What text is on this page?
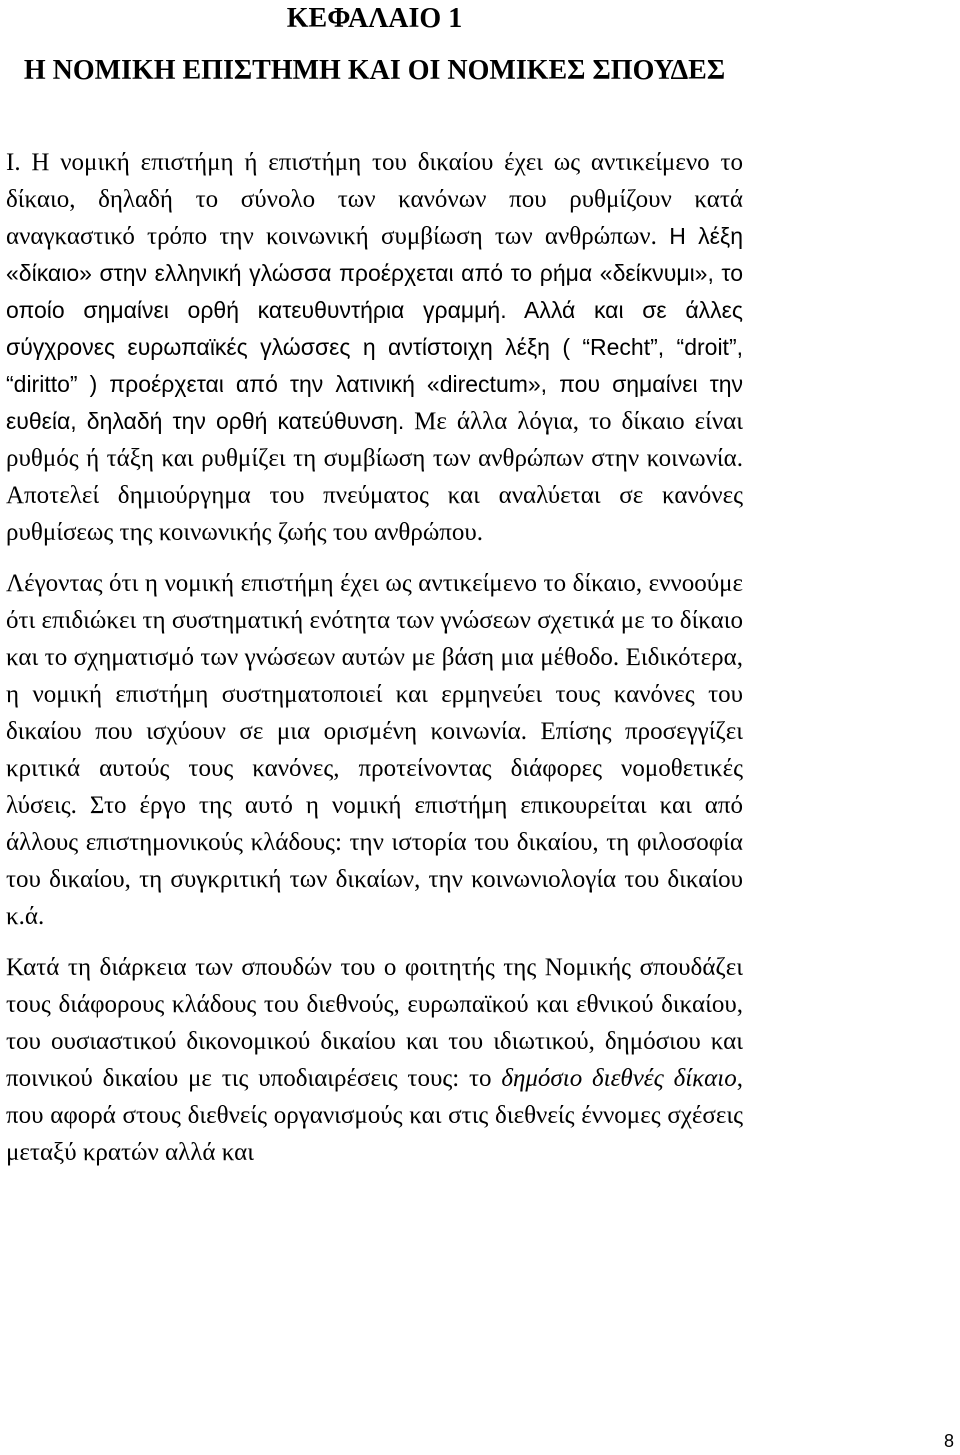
ΚΕΦΑΛΑΙΟ 1

Η ΝΟΜΙΚΗ ΕΠΙΣΤΗΜΗ ΚΑΙ ΟΙ ΝΟΜΙΚΕΣ ΣΠΟΥΔΕΣ

I. Η νομική επιστήμη ή επιστήμη του δικαίου έχει ως αντικείμενο το δίκαιο, δηλαδή το σύνολο των κανόνων που ρυθμίζουν κατά αναγκαστικό τρόπο την κοινωνική συμβίωση των ανθρώπων. Η λέξη «δίκαιο» στην ελληνική γλώσσα προέρχεται από το ρήμα «δείκνυμι», το οποίο σημαίνει ορθή κατευθυντήρια γραμμή. Αλλά και σε άλλες σύγχρονες ευρωπαϊκές γλώσσες η αντίστοιχη λέξη ( “Recht”, “droit”, “diritto” ) προέρχεται από την λατινική «directum», που σημαίνει την ευθεία, δηλαδή την ορθή κατεύθυνση. Με άλλα λόγια, το δίκαιο είναι ρυθμός ή τάξη και ρυθμίζει τη συμβίωση των ανθρώπων στην κοινωνία. Αποτελεί δημιούργημα του πνεύματος και αναλύεται σε κανόνες ρυθμίσεως της κοινωνικής ζωής του ανθρώπου.

Λέγοντας ότι η νομική επιστήμη έχει ως αντικείμενο το δίκαιο, εννοούμε ότι επιδιώκει τη συστηματική ενότητα των γνώσεων σχετικά με το δίκαιο και το σχηματισμό των γνώσεων αυτών με βάση μια μέθοδο. Ειδικότερα, η νομική επιστήμη συστηματοποιεί και ερμηνεύει τους κανόνες του δικαίου που ισχύουν σε μια ορισμένη κοινωνία. Επίσης προσεγγίζει κριτικά αυτούς τους κανόνες, προτείνοντας διάφορες νομοθετικές λύσεις. Στο έργο της αυτό η νομική επιστήμη επικουρείται και από άλλους επιστημονικούς κλάδους: την ιστορία του δικαίου, τη φιλοσοφία του δικαίου, τη συγκριτική των δικαίων, την κοινωνιολογία του δικαίου κ.ά.

Κατά τη διάρκεια των σπουδών του ο φοιτητής της Νομικής σπουδάζει τους διάφορους κλάδους του διεθνούς, ευρωπαϊκού και εθνικού δικαίου, του ουσιαστικού δικονομικού δικαίου και του ιδιωτικού, δημόσιου και ποινικού δικαίου με τις υποδιαιρέσεις τους: το δημόσιο διεθνές δίκαιο, που αφορά στους διεθνείς οργανισμούς και στις διεθνείς έννομες σχέσεις μεταξύ κρατών αλλά και

8
